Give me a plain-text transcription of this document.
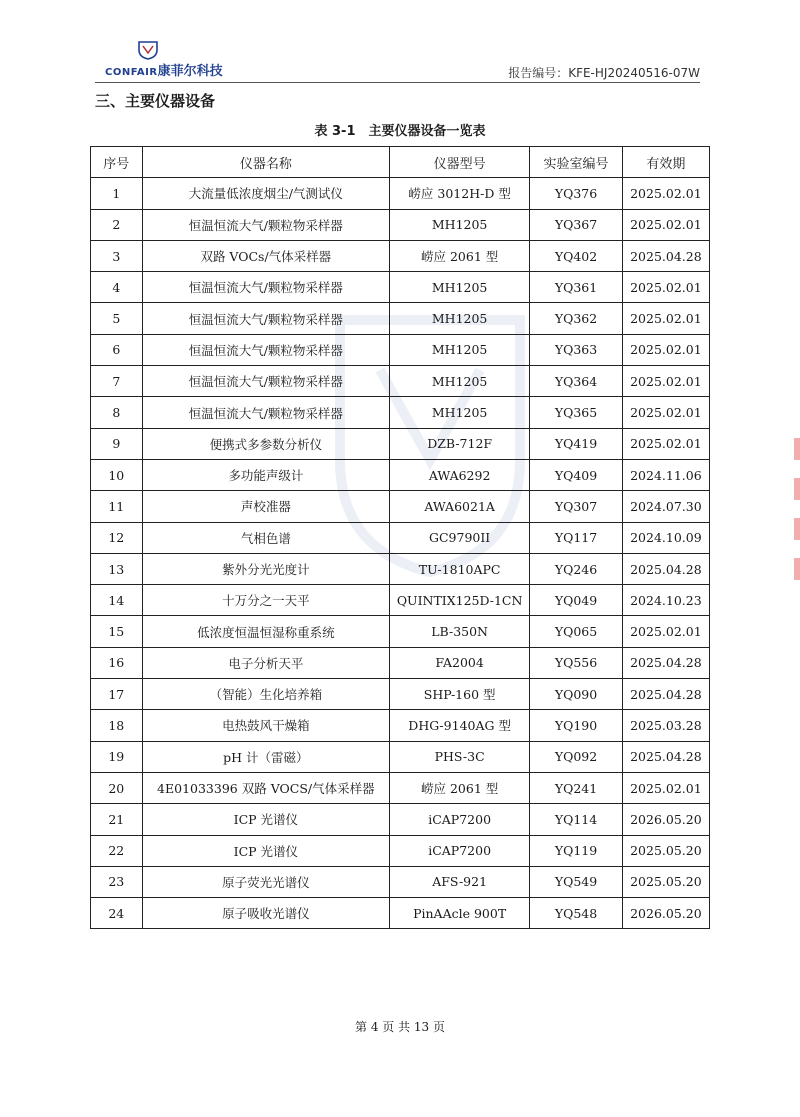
CONFAIR康菲尔科技	报告编号：KFE-HJ20240516-07W
三、主要仪器设备
表 3-1　主要仪器设备一览表
序号	仪器名称	仪器型号	实验室编号	有效期
1	大流量低浓度烟尘/气测试仪	崂应 3012H-D 型	YQ376	2025.02.01
2	恒温恒流大气/颗粒物采样器	MH1205	YQ367	2025.02.01
3	双路 VOCs/气体采样器	崂应 2061 型	YQ402	2025.04.28
4	恒温恒流大气/颗粒物采样器	MH1205	YQ361	2025.02.01
5	恒温恒流大气/颗粒物采样器	MH1205	YQ362	2025.02.01
6	恒温恒流大气/颗粒物采样器	MH1205	YQ363	2025.02.01
7	恒温恒流大气/颗粒物采样器	MH1205	YQ364	2025.02.01
8	恒温恒流大气/颗粒物采样器	MH1205	YQ365	2025.02.01
9	便携式多参数分析仪	DZB-712F	YQ419	2025.02.01
10	多功能声级计	AWA6292	YQ409	2024.11.06
11	声校准器	AWA6021A	YQ307	2024.07.30
12	气相色谱	GC9790II	YQ117	2024.10.09
13	紫外分光光度计	TU-1810APC	YQ246	2025.04.28
14	十万分之一天平	QUINTIX125D-1CN	YQ049	2024.10.23
15	低浓度恒温恒湿称重系统	LB-350N	YQ065	2025.02.01
16	电子分析天平	FA2004	YQ556	2025.04.28
17	（智能）生化培养箱	SHP-160 型	YQ090	2025.04.28
18	电热鼓风干燥箱	DHG-9140AG 型	YQ190	2025.03.28
19	pH 计（雷磁）	PHS-3C	YQ092	2025.04.28
20	4E01033396 双路 VOCS/气体采样器	崂应 2061 型	YQ241	2025.02.01
21	ICP 光谱仪	iCAP7200	YQ114	2026.05.20
22	ICP 光谱仪	iCAP7200	YQ119	2025.05.20
23	原子荧光光谱仪	AFS-921	YQ549	2025.05.20
24	原子吸收光谱仪	PinAAcle 900T	YQ548	2026.05.20
第 4 页 共 13 页
